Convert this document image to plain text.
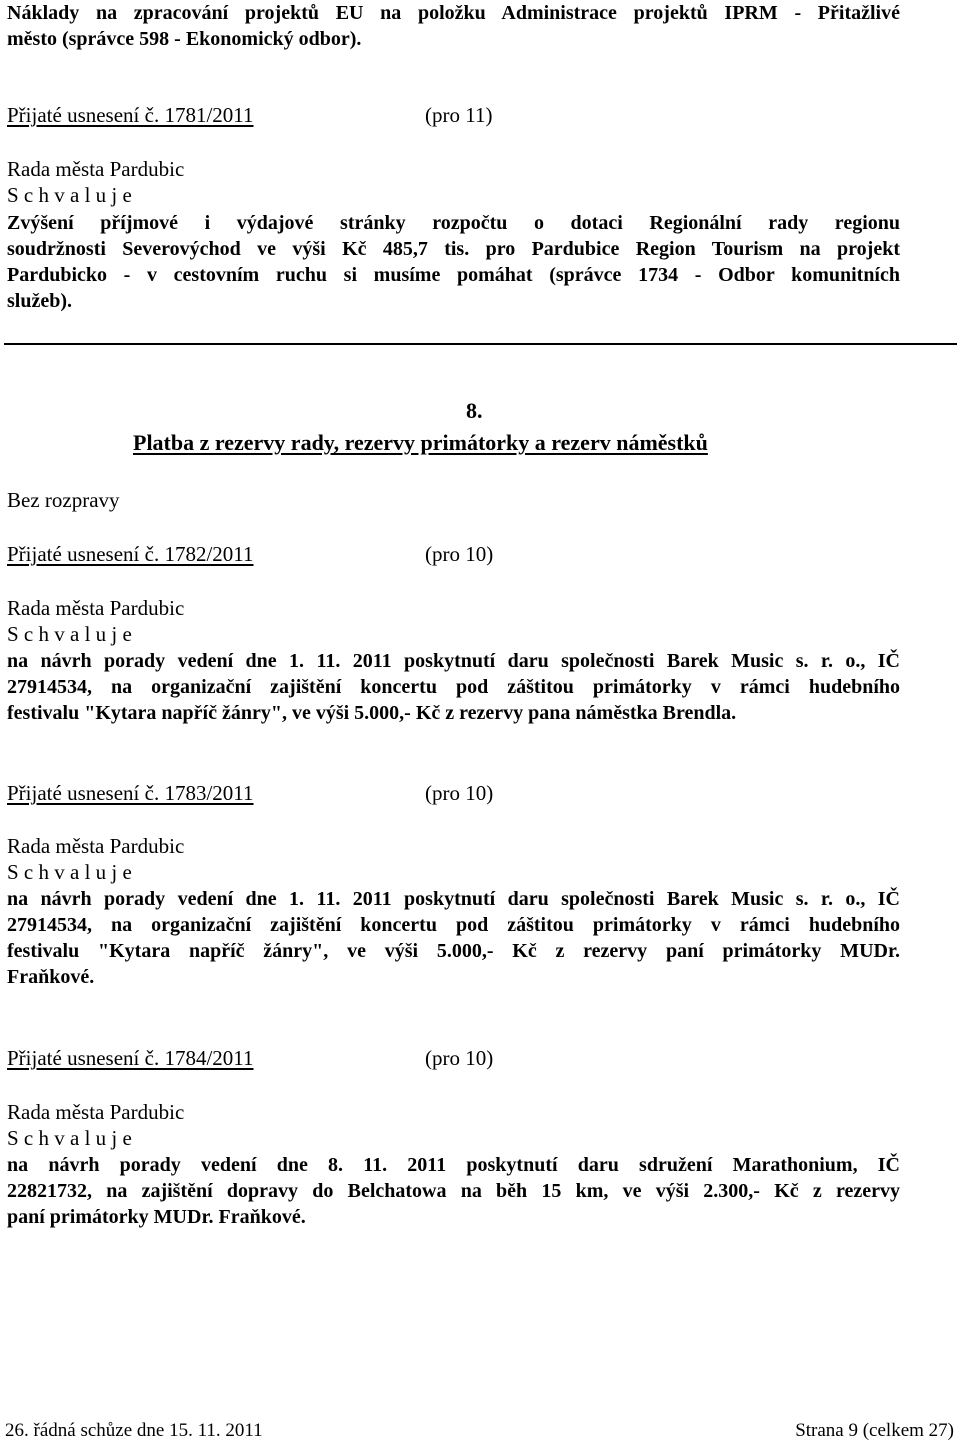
Náklady na zpracování projektů EU na položku Administrace projektů IPRM - Přitažlivé
město (správce 598 - Ekonomický odbor).
Přijaté usnesení č. 1781/2011	(pro 11)
Rada města Pardubic
S c h v a l u j e
Zvýšení příjmové i výdajové stránky rozpočtu o dotaci Regionální rady regionu
soudržnosti Severovýchod ve výši Kč 485,7 tis. pro Pardubice Region Tourism na projekt
Pardubicko - v cestovním ruchu si musíme pomáhat (správce 1734 - Odbor komunitních
služeb).
8.
Platba z rezervy rady, rezervy primátorky a rezerv náměstků
Bez rozpravy
Přijaté usnesení č. 1782/2011	(pro 10)
Rada města Pardubic
S c h v a l u j e
na návrh porady vedení dne 1. 11. 2011 poskytnutí daru společnosti Barek Music s. r. o., IČ
27914534, na organizační zajištění koncertu pod záštitou primátorky v rámci hudebního
festivalu "Kytara napříč žánry", ve výši 5.000,- Kč z rezervy pana náměstka Brendla.
Přijaté usnesení č. 1783/2011	(pro 10)
Rada města Pardubic
S c h v a l u j e
na návrh porady vedení dne 1. 11. 2011 poskytnutí daru společnosti Barek Music s. r. o., IČ
27914534, na organizační zajištění koncertu pod záštitou primátorky v rámci hudebního
festivalu "Kytara napříč žánry", ve výši 5.000,- Kč z rezervy paní primátorky MUDr.
Fraňkové.
Přijaté usnesení č. 1784/2011	(pro 10)
Rada města Pardubic
S c h v a l u j e
na návrh porady vedení dne 8. 11. 2011 poskytnutí daru sdružení Marathonium, IČ
22821732, na zajištění dopravy do Belchatowa na běh 15 km, ve výši 2.300,- Kč z rezervy
paní primátorky MUDr. Fraňkové.
26. řádná schůze dne 15. 11. 2011	Strana 9 (celkem 27)
